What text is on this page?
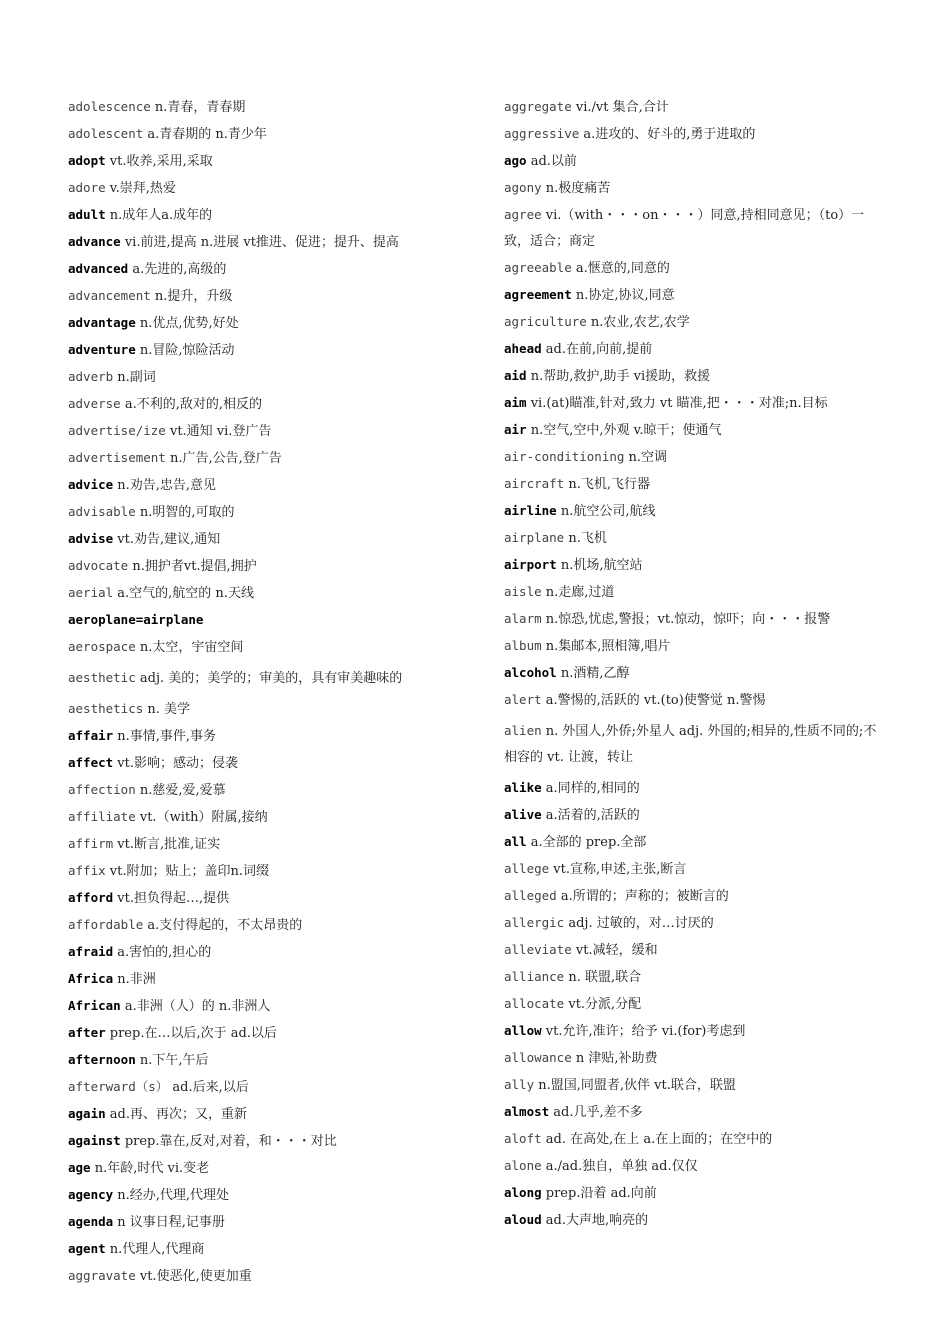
adolescence n.青春，青春期
adolescent a.青春期的 n.青少年
adopt vt.收养,采用,采取
adore v.崇拜,热爱
adult n.成年人a.成年的
advance vi.前进,提高 n.进展 vt推进、促进；提升、提高
advanced a.先进的,高级的
advancement n.提升，升级
advantage n.优点,优势,好处
adventure n.冒险,惊险活动
adverb n.副词
adverse a.不利的,敌对的,相反的
advertise/ize vt.通知 vi.登广告
advertisement n.广告,公告,登广告
advice n.劝告,忠告,意见
advisable n.明智的,可取的
advise vt.劝告,建议,通知
advocate n.拥护者vt.提倡,拥护
aerial a.空气的,航空的 n.天线
aeroplane=airplane
aerospace n.太空，宇宙空间
aesthetic adj. 美的；美学的；审美的，具有审美趣味的
aesthetics n. 美学
affair n.事情,事件,事务
affect vt.影响；感动；侵袭
affection n.慈爱,爱,爱慕
affiliate vt.（with）附属,接纳
affirm vt.断言,批准,证实
affix vt.附加；贴上；盖印n.词缀
afford vt.担负得起…,提供
affordable a.支付得起的，不太昂贵的
afraid a.害怕的,担心的
Africa n.非洲
African a.非洲（人）的 n.非洲人
after prep.在…以后,次于 ad.以后
afternoon n.下午,午后
afterward（s） ad.后来,以后
again ad.再、再次；又，重新
against prep.靠在,反对,对着，和・・・对比
age n.年龄,时代 vi.变老
agency n.经办,代理,代理处
agenda n 议事日程,记事册
agent n.代理人,代理商
aggravate vt.使恶化,使更加重
aggregate vi./vt 集合,合计
aggressive a.进攻的、好斗的,勇于进取的
ago ad.以前
agony n.极度痛苦
agree vi.（with・・・on・・・）同意,持相同意见；（to）一致，适合；商定
agreeable a.惬意的,同意的
agreement n.协定,协议,同意
agriculture n.农业,农艺,农学
ahead ad.在前,向前,提前
aid n.帮助,救护,助手 vi援助，救援
aim vi.(at)瞄准,针对,致力 vt 瞄准,把・・・对准;n.目标
air n.空气,空中,外观 v.晾干；使通气
air-conditioning n.空调
aircraft n.飞机,飞行器
airline n.航空公司,航线
airplane n.飞机
airport n.机场,航空站
aisle n.走廊,过道
alarm n.惊恐,忧虑,警报；vt.惊动，惊吓；向・・・报警
album n.集邮本,照相簿,唱片
alcohol n.酒精,乙醇
alert a.警惕的,活跃的 vt.(to)使警觉 n.警惕
alien n. 外国人,外侨;外星人 adj. 外国的;相异的,性质不同的;不相容的 vt. 让渡，转让
alike a.同样的,相同的
alive a.活着的,活跃的
all a.全部的 prep.全部
allege vt.宣称,申述,主张,断言
alleged a.所谓的；声称的；被断言的
allergic adj. 过敏的，对…讨厌的
alleviate vt.减轻，缓和
alliance n. 联盟,联合
allocate vt.分派,分配
allow vt.允许,准许；给予 vi.(for)考虑到
allowance n 津贴,补助费
ally n.盟国,同盟者,伙伴 vt.联合，联盟
almost ad.几乎,差不多
aloft ad. 在高处,在上 a.在上面的；在空中的
alone a./ad.独自，单独 ad.仅仅
along prep.沿着 ad.向前
aloud ad.大声地,响亮的
